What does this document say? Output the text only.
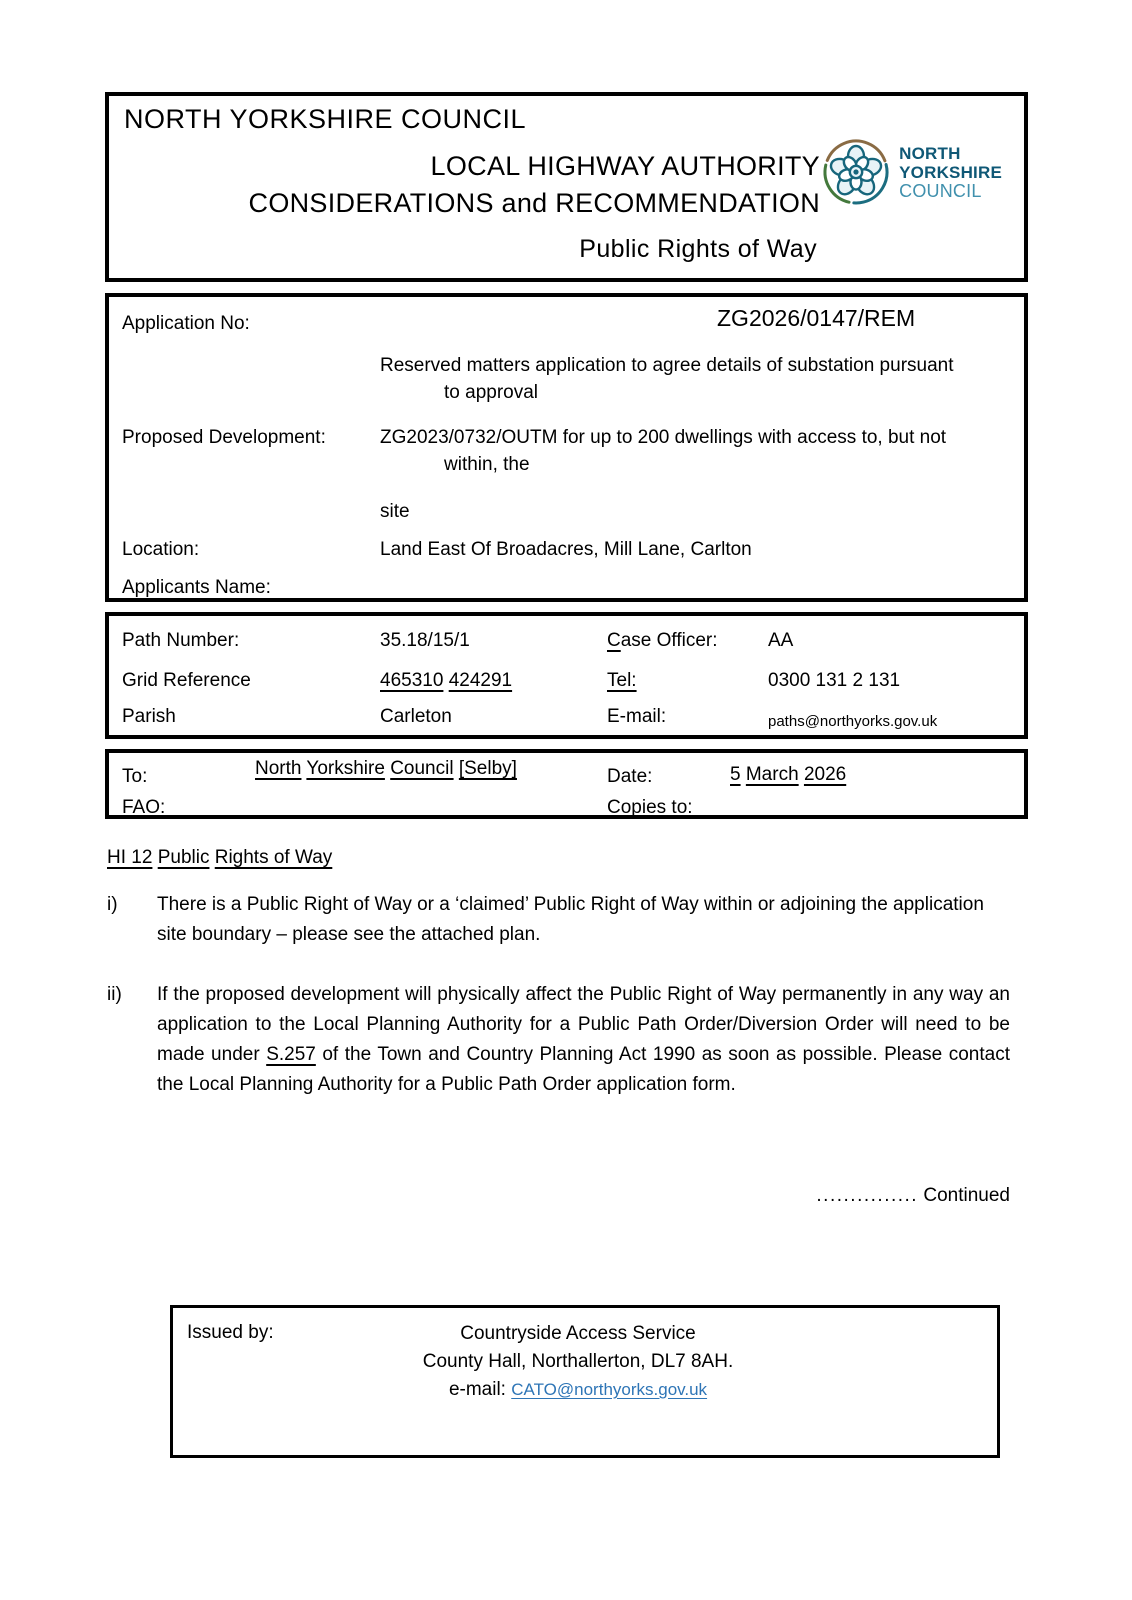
NORTH YORKSHIRE COUNCIL
LOCAL HIGHWAY AUTHORITY
CONSIDERATIONS and RECOMMENDATION
Public Rights of Way
NORTH
YORKSHIRE
COUNCIL
Application No:	ZG2026/0147/REM
Reserved matters application to agree details of substation pursuant
to approval
Proposed Development:	ZG2023/0732/OUTM for up to 200 dwellings with access to, but not
within, the
site
Location:	Land East Of Broadacres, Mill Lane, Carlton
Applicants Name:
Path Number:	35.18/15/1	Case Officer:	AA
Grid Reference	465310 424291	Tel:	0300 131 2 131
Parish	Carleton	E-mail:	paths@northyorks.gov.uk
To:	North Yorkshire Council [Selby]	Date:	5 March 2026
FAO:	Copies to:
HI 12 Public Rights of Way
i) There is a Public Right of Way or a ‘claimed’ Public Right of Way within or adjoining the application site boundary – please see the attached plan.

ii) If the proposed development will physically affect the Public Right of Way permanently in any way an application to the Local Planning Authority for a Public Path Order/Diversion Order will need to be made under S.257 of the Town and Country Planning Act 1990 as soon as possible. Please contact the Local Planning Authority for a Public Path Order application form.

............... Continued
Issued by:	Countryside Access Service
County Hall, Northallerton, DL7 8AH.
e-mail: CATO@northyorks.gov.uk
